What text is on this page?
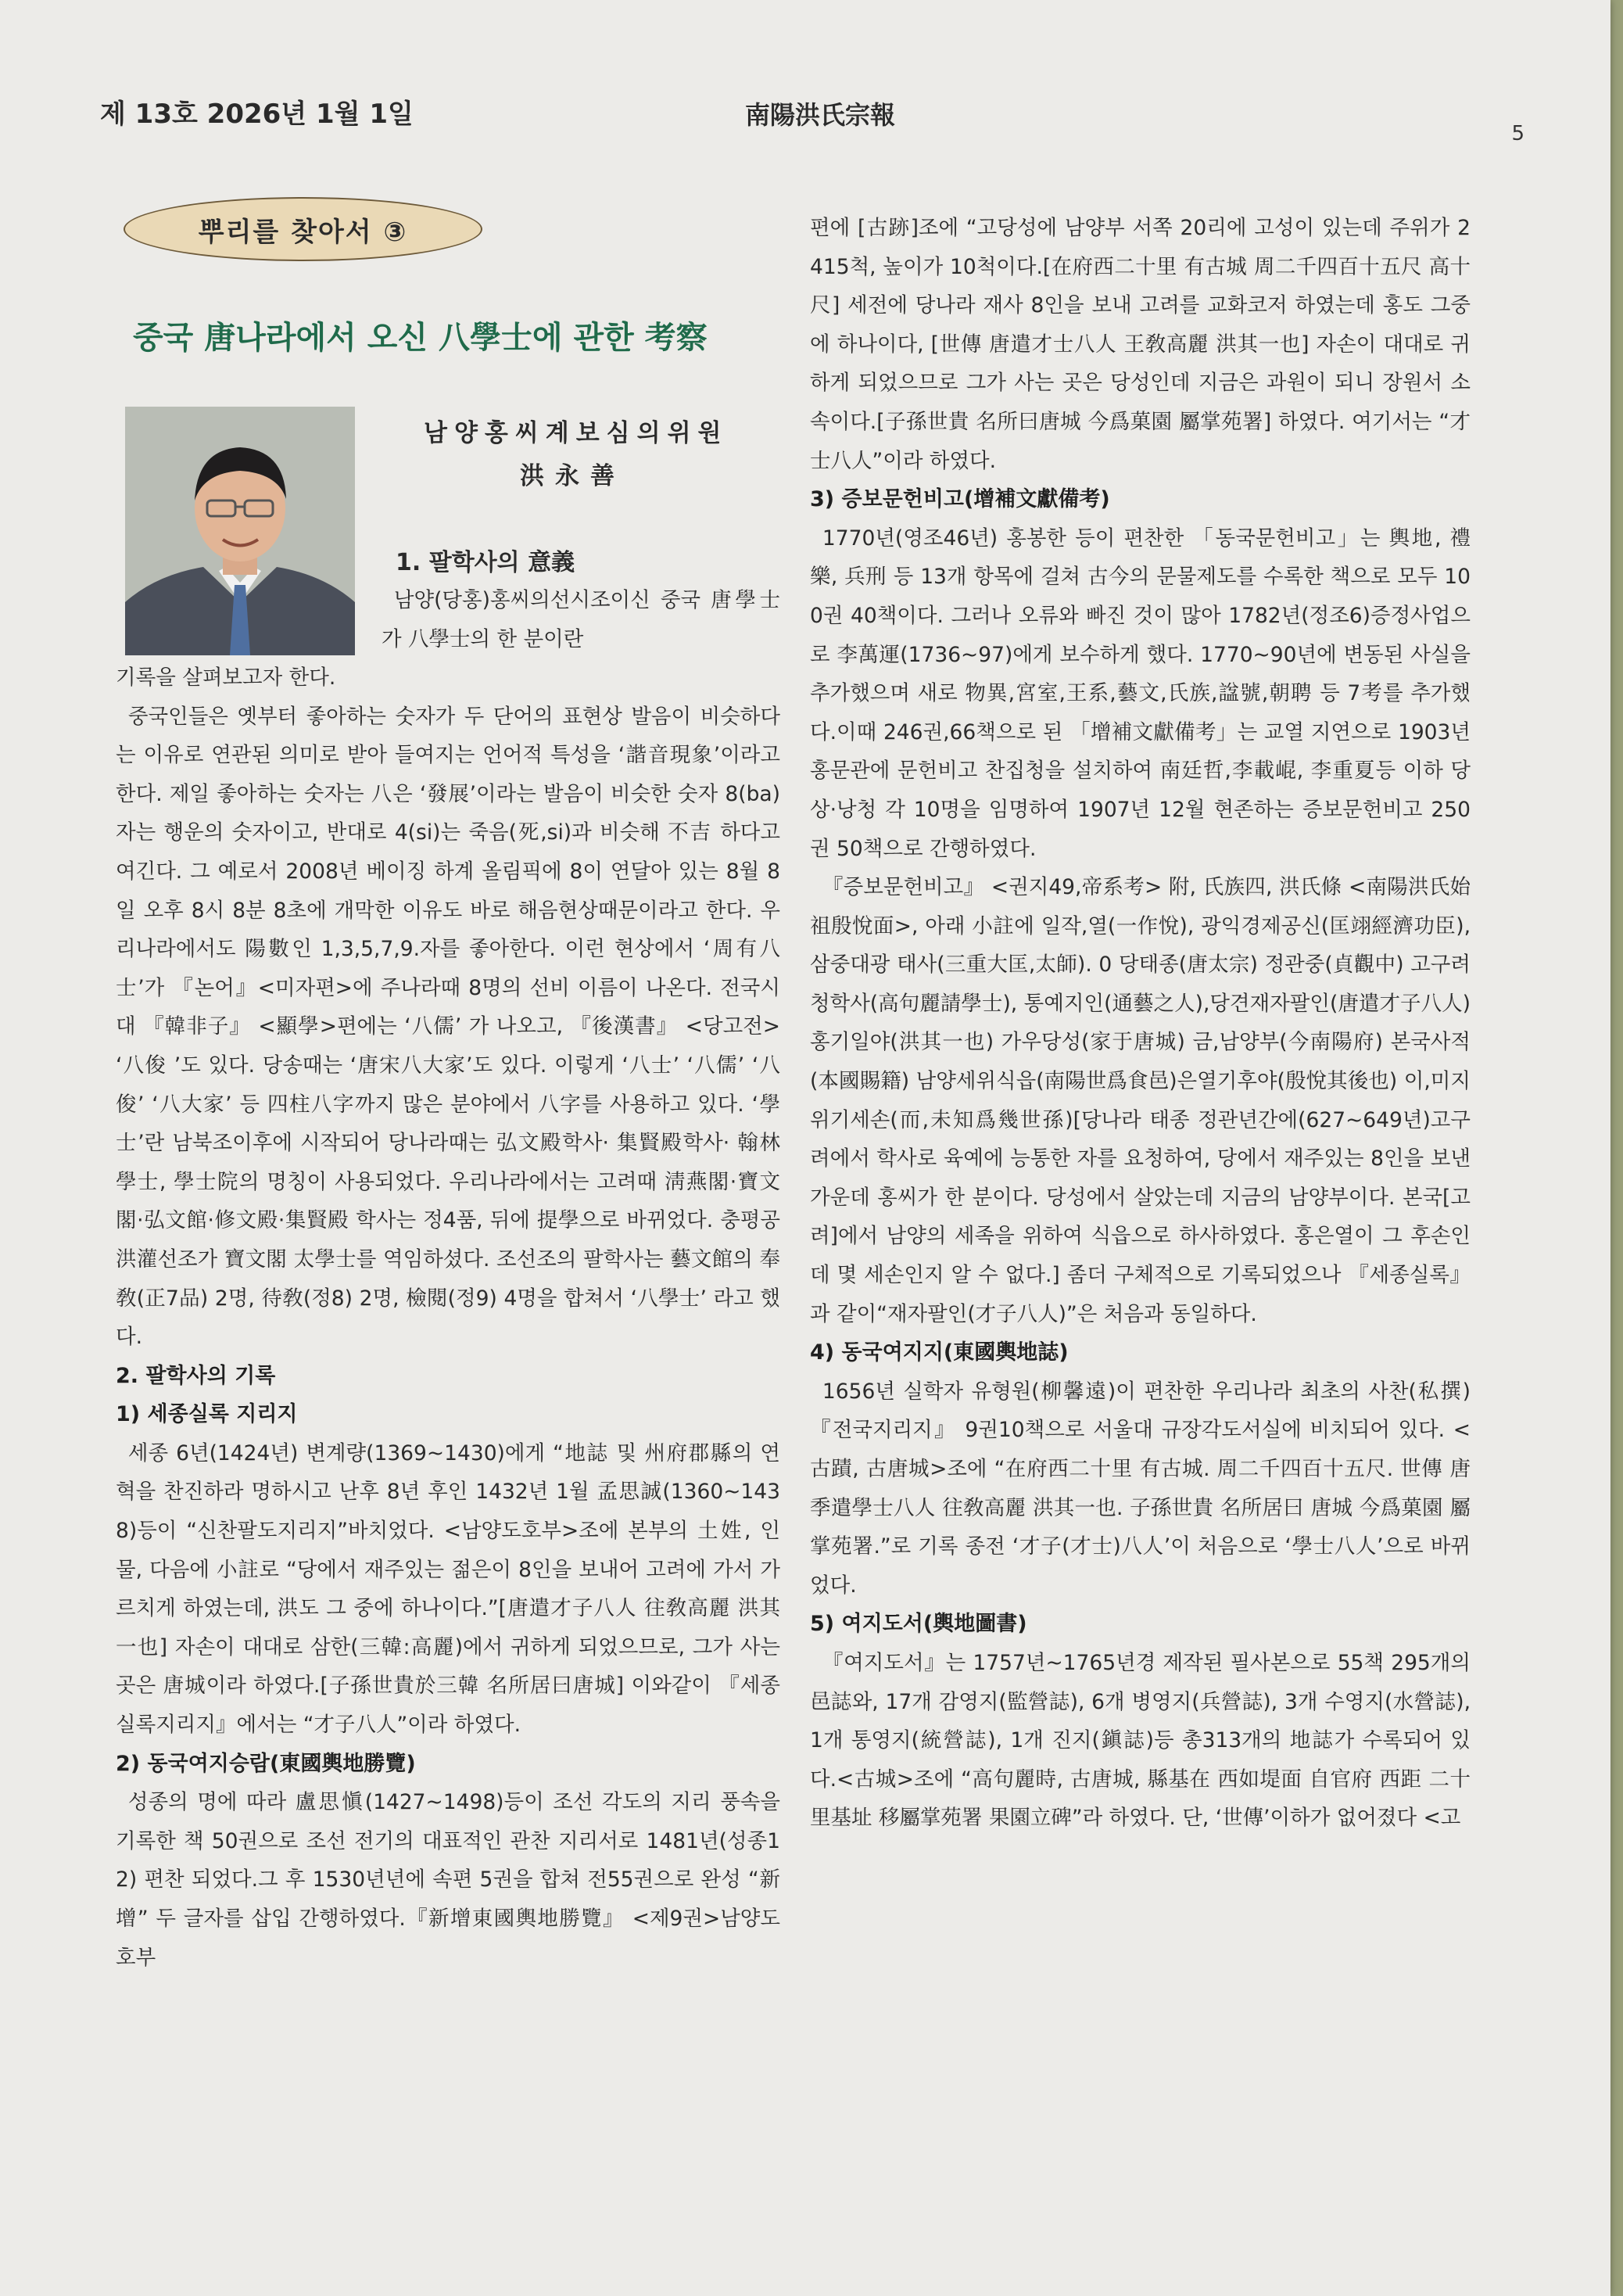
제 13호 2026년 1월 1일	南陽洪氏宗報
5
뿌리를 찾아서 ③
중국 唐나라에서 오신 八學士에 관한 考察
남양홍씨계보심의위원
洪永善
1. 팔학사의 意義

남양(당홍)홍씨의선시조이신 중국 唐學士가 八學士의 한 분이란

기록을 살펴보고자 한다.

중국인들은 옛부터 좋아하는 숫자가 두 단어의 표현상 발음이 비슷하다는 이유로 연관된 의미로 받아 들여지는 언어적 특성을 ‘諧音現象’이라고 한다. 제일 좋아하는 숫자는 八은 ‘發展’이라는 발음이 비슷한 숫자 8(ba)자는 행운의 숫자이고, 반대로 4(si)는 죽음(死,si)과 비슷해 不吉 하다고 여긴다. 그 예로서 2008년 베이징 하계 올림픽에 8이 연달아 있는 8월 8일 오후 8시 8분 8초에 개막한 이유도 바로 해음현상때문이라고 한다. 우리나라에서도 陽數인 1,3,5,7,9.자를 좋아한다. 이런 현상에서 ‘周有八士’가 『논어』<미자편>에 주나라때 8명의 선비 이름이 나온다. 전국시대 『韓非子』 <顯學>편에는 ‘八儒’ 가 나오고, 『後漢書』 <당고전> ‘八俊 ’도 있다. 당송때는 ‘唐宋八大家’도 있다. 이렇게 ‘八士’ ‘八儒’ ‘八俊’ ‘八大家’ 등 四柱八字까지 많은 분야에서 八字를 사용하고 있다. ‘學士’란 남북조이후에 시작되어 당나라때는 弘文殿학사· 集賢殿학사· 翰林學士, 學士院의 명칭이 사용되었다. 우리나라에서는 고려때 淸燕閣·寶文閣·弘文館·修文殿·集賢殿 학사는 정4품, 뒤에 提學으로 바뀌었다. 충평공 洪灌선조가 寶文閣 太學士를 역임하셨다. 조선조의 팔학사는 藝文館의 奉敎(正7品) 2명, 待敎(정8) 2명, 檢閱(정9) 4명을 합쳐서 ‘八學士’ 라고 했다.

2. 팔학사의 기록
1) 세종실록 지리지

세종 6년(1424년) 변계량(1369~1430)에게 “地誌 및 州府郡縣의 연혁을 찬진하라 명하시고 난후 8년 후인 1432년 1월 孟思誠(1360~1438)등이 “신찬팔도지리지”바치었다. <남양도호부>조에 본부의 土姓, 인물, 다음에 小註로 “당에서 재주있는 젊은이 8인을 보내어 고려에 가서 가르치게 하였는데, 洪도 그 중에 하나이다.”[唐遣才子八人 往敎高麗 洪其一也] 자손이 대대로 삼한(三韓:高麗)에서 귀하게 되었으므로, 그가 사는 곳은 唐城이라 하였다.[子孫世貴於三韓 名所居曰唐城] 이와같이 『세종실록지리지』에서는 “才子八人”이라 하였다.

2) 동국여지승람(東國輿地勝覽)

성종의 명에 따라 盧思愼(1427~1498)등이 조선 각도의 지리 풍속을 기록한 책 50권으로 조선 전기의 대표적인 관찬 지리서로 1481년(성종12) 편찬 되었다.그 후 1530년년에 속편 5권을 합쳐 전55권으로 완성 “新增” 두 글자를 삽입 간행하였다.『新增東國輿地勝覽』 <제9권>남양도호부

편에 [古跡]조에 “고당성에 남양부 서쪽 20리에 고성이 있는데 주위가 2415척, 높이가 10척이다.[在府西二十里 有古城 周二千四百十五尺 高十尺] 세전에 당나라 재사 8인을 보내 고려를 교화코저 하였는데 홍도 그중에 하나이다, [世傳 唐遣才士八人 王敎高麗 洪其一也] 자손이 대대로 귀하게 되었으므로 그가 사는 곳은 당성인데 지금은 과원이 되니 장원서 소속이다.[子孫世貴 名所曰唐城 今爲菓園 屬掌苑署] 하였다. 여기서는 “才士八人”이라 하였다.

3) 증보문헌비고(增補文獻備考)

1770년(영조46년) 홍봉한 등이 편찬한 「동국문헌비고」는 輿地, 禮樂, 兵刑 등 13개 항목에 걸쳐 古今의 문물제도를 수록한 책으로 모두 100권 40책이다. 그러나 오류와 빠진 것이 많아 1782년(정조6)증정사업으로 李萬運(1736~97)에게 보수하게 했다. 1770~90년에 변동된 사실을 추가했으며 새로 物異,宮室,王系,藝文,氏族,諡號,朝聘 등 7考를 추가했다.이때 246권,66책으로 된 「增補文獻備考」는 교열 지연으로 1903년 홍문관에 문헌비고 찬집청을 설치하여 南廷哲,李載崐, 李重夏등 이하 당상·낭청 각 10명을 임명하여 1907년 12월 현존하는 증보문헌비고 250권 50책으로 간행하였다.

『증보문헌비고』 <권지49,帝系考> 附, 氏族四, 洪氏條 <南陽洪氏始祖殷悅面>, 아래 小註에 일작,열(一作悅), 광익경제공신(匡翊經濟功臣), 삼중대광 태사(三重大匡,太師). 0 당태종(唐太宗) 정관중(貞觀中) 고구려청학사(高句麗請學士), 통예지인(通藝之人),당견재자팔인(唐遣才子八人) 홍기일야(洪其一也) 가우당성(家于唐城) 금,남양부(今南陽府) 본국사적(本國賜籍) 남양세위식읍(南陽世爲食邑)은열기후야(殷悅其後也) 이,미지위기세손(而,未知爲幾世孫)[당나라 태종 정관년간에(627~649년)고구려에서 학사로 육예에 능통한 자를 요청하여, 당에서 재주있는 8인을 보낸 가운데 홍씨가 한 분이다. 당성에서 살았는데 지금의 남양부이다. 본국[고려]에서 남양의 세족을 위하여 식읍으로 하사하였다. 홍은열이 그 후손인데 몇 세손인지 알 수 없다.] 좀더 구체적으로 기록되었으나 『세종실록』과 같이“재자팔인(才子八人)”은 처음과 동일하다.

4) 동국여지지(東國輿地誌)

1656년 실학자 유형원(柳馨遠)이 편찬한 우리나라 최초의 사찬(私撰)『전국지리지』 9권10책으로 서울대 규장각도서실에 비치되어 있다. <古蹟, 古唐城>조에 “在府西二十里 有古城. 周二千四百十五尺. 世傳 唐季遣學士八人 往敎高麗 洪其一也. 子孫世貴 名所居曰 唐城 今爲菓園 屬掌苑署.”로 기록 종전 ‘才子(才士)八人’이 처음으로 ‘學士八人’으로 바뀌었다.

5) 여지도서(輿地圖書)

『여지도서』는 1757년~1765년경 제작된 필사본으로 55책 295개의 邑誌와, 17개 감영지(監營誌), 6개 병영지(兵營誌), 3개 수영지(水營誌), 1개 통영지(統營誌), 1개 진지(鎭誌)등 총313개의 地誌가 수록되어 있다.<古城>조에 “高句麗時, 古唐城, 縣基在 西如堤面 自官府 西距 二十里基址 移屬掌苑署 果園立碑”라 하였다. 단, ‘世傳’이하가 없어졌다 <고
